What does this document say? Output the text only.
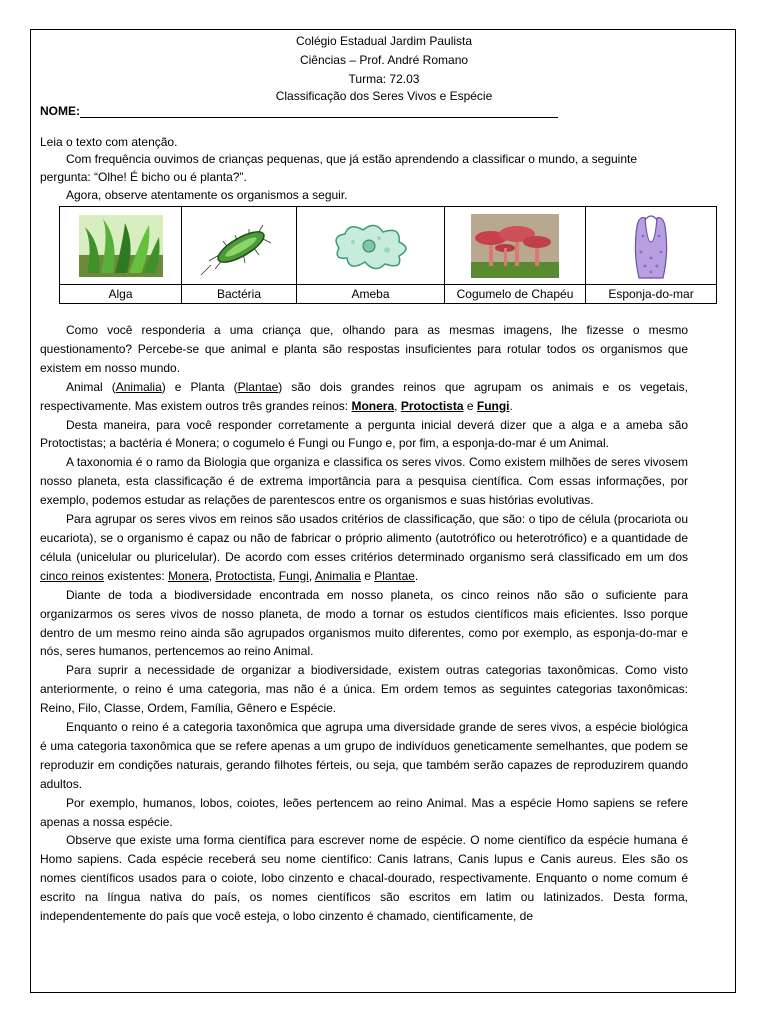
Colégio Estadual Jardim Paulista
Ciências – Prof. André Romano
Turma: 72.03
Classificação dos Seres Vivos e Espécie
NOME:
Leia o texto com atenção.
Com frequência ouvimos de crianças pequenas, que já estão aprendendo a classificar o mundo, a seguinte pergunta: “Olhe! É bicho ou é planta?”.
Agora, observe atentamente os organismos a seguir.

Alga	Bactéria	Ameba	Cogumelo de Chapéu	Esponja-do-mar

Como você responderia a uma criança que, olhando para as mesmas imagens, lhe fizesse o mesmo questionamento? Percebe-se que animal e planta são respostas insuficientes para rotular todos os organismos que existem em nosso mundo.

Animal (Animalia) e Planta (Plantae) são dois grandes reinos que agrupam os animais e os vegetais, respectivamente. Mas existem outros três grandes reinos: Monera, Protoctista e Fungi.

Desta maneira, para você responder corretamente a pergunta inicial deverá dizer que a alga e a ameba são Protoctistas; a bactéria é Monera; o cogumelo é Fungi ou Fungo e, por fim, a esponja-do-mar é um Animal.

A taxonomia é o ramo da Biologia que organiza e classifica os seres vivos. Como existem milhões de seres vivosem nosso planeta, esta classificação é de extrema importância para a pesquisa científica. Com essas informações, por exemplo, podemos estudar as relações de parentescos entre os organismos e suas histórias evolutivas.

Para agrupar os seres vivos em reinos são usados critérios de classificação, que são: o tipo de célula (procariota ou eucariota), se o organismo é capaz ou não de fabricar o próprio alimento (autotrófico ou heterotrófico) e a quantidade de célula (unicelular ou pluricelular). De acordo com esses critérios determinado organismo será classificado em um dos cinco reinos existentes: Monera, Protoctista, Fungi, Animalia e Plantae.

Diante de toda a biodiversidade encontrada em nosso planeta, os cinco reinos não são o suficiente para organizarmos os seres vivos de nosso planeta, de modo a tornar os estudos científicos mais eficientes. Isso porque dentro de um mesmo reino ainda são agrupados organismos muito diferentes, como por exemplo, as esponja-do-mar e nós, seres humanos, pertencemos ao reino Animal.

Para suprir a necessidade de organizar a biodiversidade, existem outras categorias taxonômicas. Como visto anteriormente, o reino é uma categoria, mas não é a única. Em ordem temos as seguintes categorias taxonômicas: Reino, Filo, Classe, Ordem, Família, Gênero e Espécie.

Enquanto o reino é a categoria taxonômica que agrupa uma diversidade grande de seres vivos, a espécie biológica é uma categoria taxonômica que se refere apenas a um grupo de indivíduos geneticamente semelhantes, que podem se reproduzir em condições naturais, gerando filhotes férteis, ou seja, que também serão capazes de reproduzirem quando adultos.

Por exemplo, humanos, lobos, coiotes, leões pertencem ao reino Animal. Mas a espécie Homo sapiens se refere apenas a nossa espécie.

Observe que existe uma forma científica para escrever nome de espécie. O nome científico da espécie humana é Homo sapiens. Cada espécie receberá seu nome científico: Canis latrans, Canis lupus e Canis aureus. Eles são os nomes científicos usados para o coiote, lobo cinzento e chacal-dourado, respectivamente. Enquanto o nome comum é escrito na língua nativa do país, os nomes científicos são escritos em latim ou latinizados. Desta forma, independentemente do país que você esteja, o lobo cinzento é chamado, cientificamente, de
